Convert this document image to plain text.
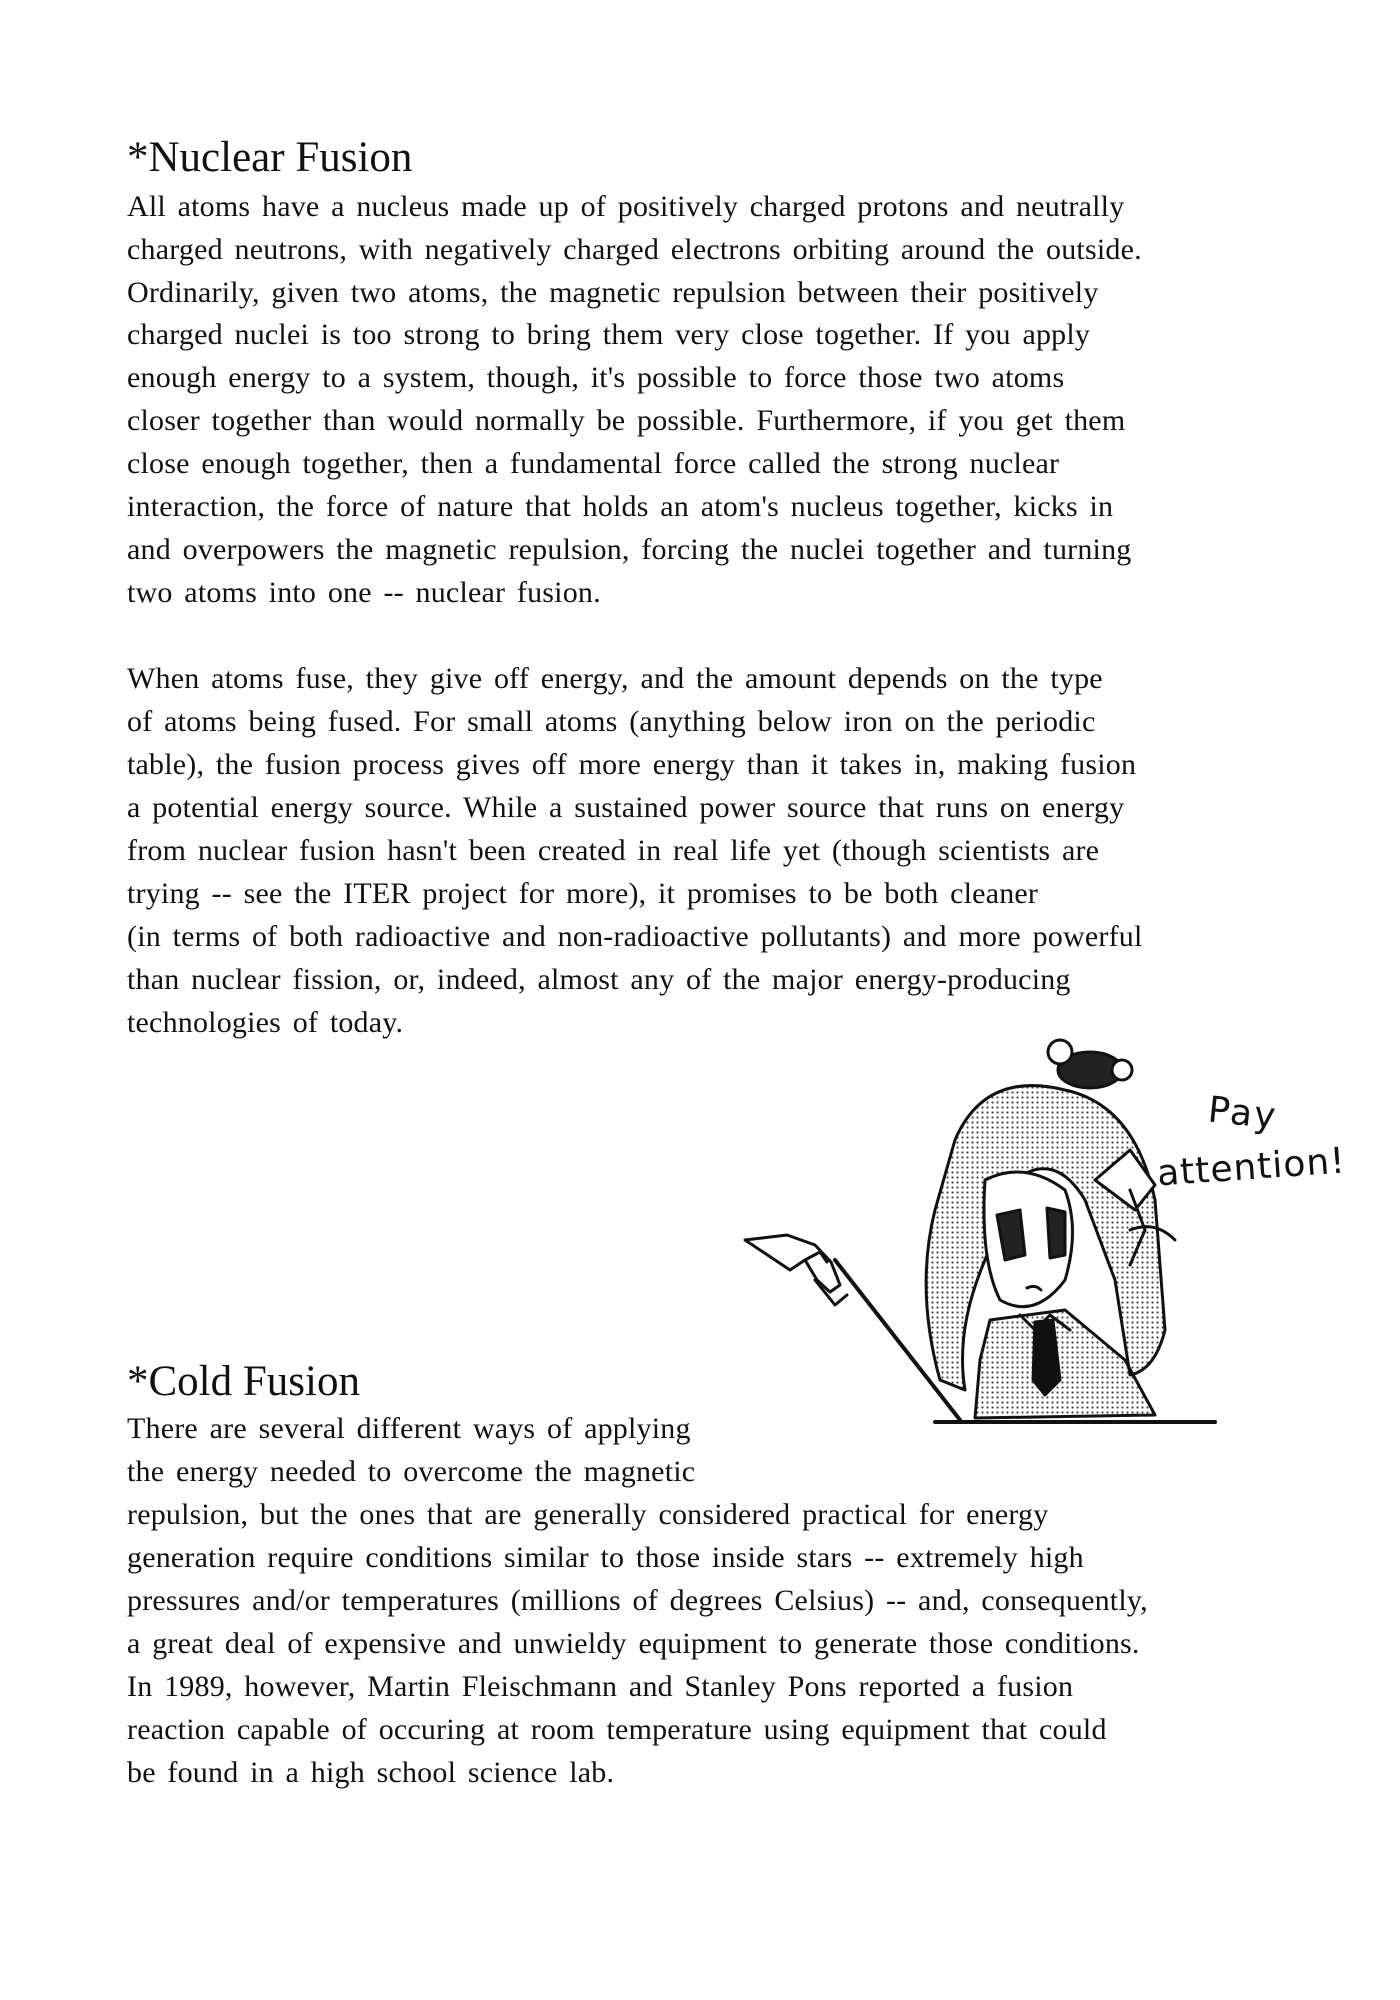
*Nuclear Fusion

All atoms have a nucleus made up of positively charged protons and neutrally

charged neutrons, with negatively charged electrons orbiting around the outside.

Ordinarily, given two atoms, the magnetic repulsion between their positively

charged nuclei is too strong to bring them very close together. If you apply

enough energy to a system, though, it's possible to force those two atoms

closer together than would normally be possible. Furthermore, if you get them

close enough together, then a fundamental force called the strong nuclear

interaction, the force of nature that holds an atom's nucleus together, kicks in

and overpowers the magnetic repulsion, forcing the nuclei together and turning

two atoms into one -- nuclear fusion.

When atoms fuse, they give off energy, and the amount depends on the type

of atoms being fused. For small atoms (anything below iron on the periodic

table), the fusion process gives off more energy than it takes in, making fusion

a potential energy source. While a sustained power source that runs on energy

from nuclear fusion hasn't been created in real life yet (though scientists are

trying -- see the ITER project for more), it promises to be both cleaner

(in terms of both radioactive and non-radioactive pollutants) and more powerful

than nuclear fission, or, indeed, almost any of the major energy-producing

technologies of today.

Pay
attention!
*Cold Fusion

There are several different ways of applying

the energy needed to overcome the magnetic

repulsion, but the ones that are generally considered practical for energy

generation require conditions similar to those inside stars -- extremely high

pressures and/or temperatures (millions of degrees Celsius) -- and, consequently,

a great deal of expensive and unwieldy equipment to generate those conditions.

In 1989, however, Martin Fleischmann and Stanley Pons reported a fusion

reaction capable of occuring at room temperature using equipment that could

be found in a high school science lab.
